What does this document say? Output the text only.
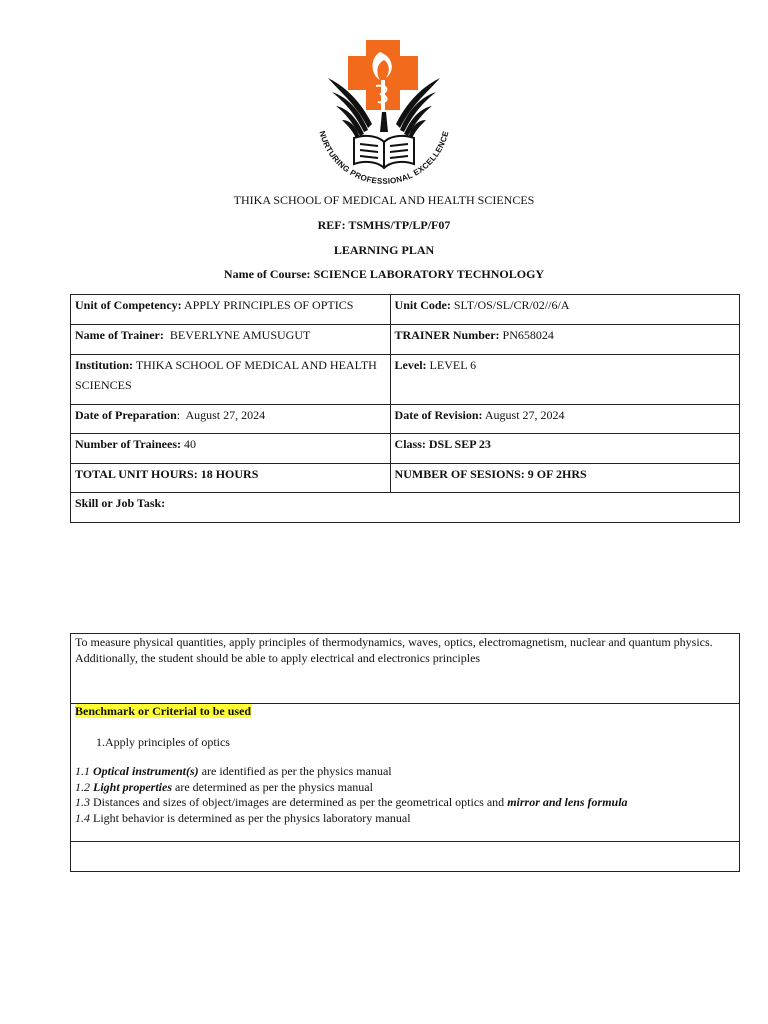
NURTURING PROFESSIONAL EXCELLENCE
THIKA SCHOOL OF MEDICAL AND HEALTH SCIENCES
REF: TSMHS/TP/LP/F07
LEARNING PLAN
Name of Course: SCIENCE LABORATORY TECHNOLOGY
Unit of Competency: APPLY PRINCIPLES OF OPTICS	Unit Code: SLT/OS/SL/CR/02//6/A
Name of Trainer: BEVERLYNE AMUSUGUT	TRAINER Number: PN658024
Institution: THIKA SCHOOL OF MEDICAL AND HEALTH SCIENCES	Level: LEVEL 6
Date of Preparation:  August 27, 2024	Date of Revision: August 27, 2024
Number of Trainees: 40	Class: DSL SEP 23
TOTAL UNIT HOURS: 18 HOURS	NUMBER OF SESIONS: 9 OF 2HRS
Skill or Job Task:	
To measure physical quantities, apply principles of thermodynamics, waves, optics, electromagnetism, nuclear and quantum physics.
Additionally, the student should be able to apply electrical and electronics principles
Benchmark or Criterial to be used
1.Apply principles of optics
1.1 Optical instrument(s) are identified as per the physics manual
1.2 Light properties are determined as per the physics manual
1.3 Distances and sizes of object/images are determined as per the geometrical optics and mirror and lens formula
1.4 Light behavior is determined as per the physics laboratory manual
